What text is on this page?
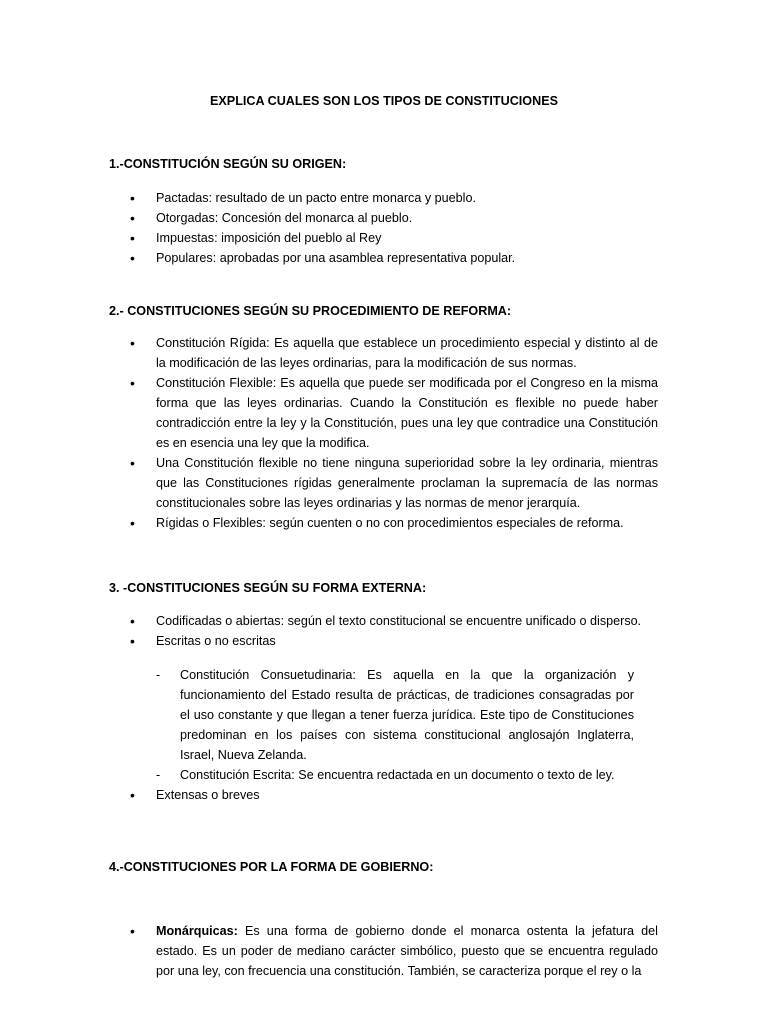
EXPLICA CUALES SON LOS TIPOS DE CONSTITUCIONES
1.-CONSTITUCIÓN SEGÚN SU ORIGEN:
• Pactadas: resultado de un pacto entre monarca y pueblo.
• Otorgadas: Concesión del monarca al pueblo.
• Impuestas: imposición del pueblo al Rey
• Populares: aprobadas por una asamblea representativa popular.
2.- CONSTITUCIONES SEGÚN SU PROCEDIMIENTO DE REFORMA:
• Constitución Rígida: Es aquella que establece un procedimiento especial y distinto al de la modificación de las leyes ordinarias, para la modificación de sus normas.
• Constitución Flexible: Es aquella que puede ser modificada por el Congreso en la misma forma que las leyes ordinarias. Cuando la Constitución es flexible no puede haber contradicción entre la ley y la Constitución, pues una ley que contradice una Constitución es en esencia una ley que la modifica.
• Una Constitución flexible no tiene ninguna superioridad sobre la ley ordinaria, mientras que las Constituciones rígidas generalmente proclaman la supremacía de las normas constitucionales sobre las leyes ordinarias y las normas de menor jerarquía.
• Rígidas o Flexibles: según cuenten o no con procedimientos especiales de reforma.
3. -CONSTITUCIONES SEGÚN SU FORMA EXTERNA:
• Codificadas o abiertas: según el texto constitucional se encuentre unificado o disperso.
• Escritas o no escritas
- Constitución Consuetudinaria: Es aquella en la que la organización y funcionamiento del Estado resulta de prácticas, de tradiciones consagradas por el uso constante y que llegan a tener fuerza jurídica. Este tipo de Constituciones predominan en los países con sistema constitucional anglosajón Inglaterra, Israel, Nueva Zelanda.
- Constitución Escrita: Se encuentra redactada en un documento o texto de ley.
• Extensas o breves
4.-CONSTITUCIONES POR LA FORMA DE GOBIERNO:
• Monárquicas: Es una forma de gobierno donde el monarca ostenta la jefatura del estado. Es un poder de mediano carácter simbólico, puesto que se encuentra regulado por una ley, con frecuencia una constitución. También, se caracteriza porque el rey o la
